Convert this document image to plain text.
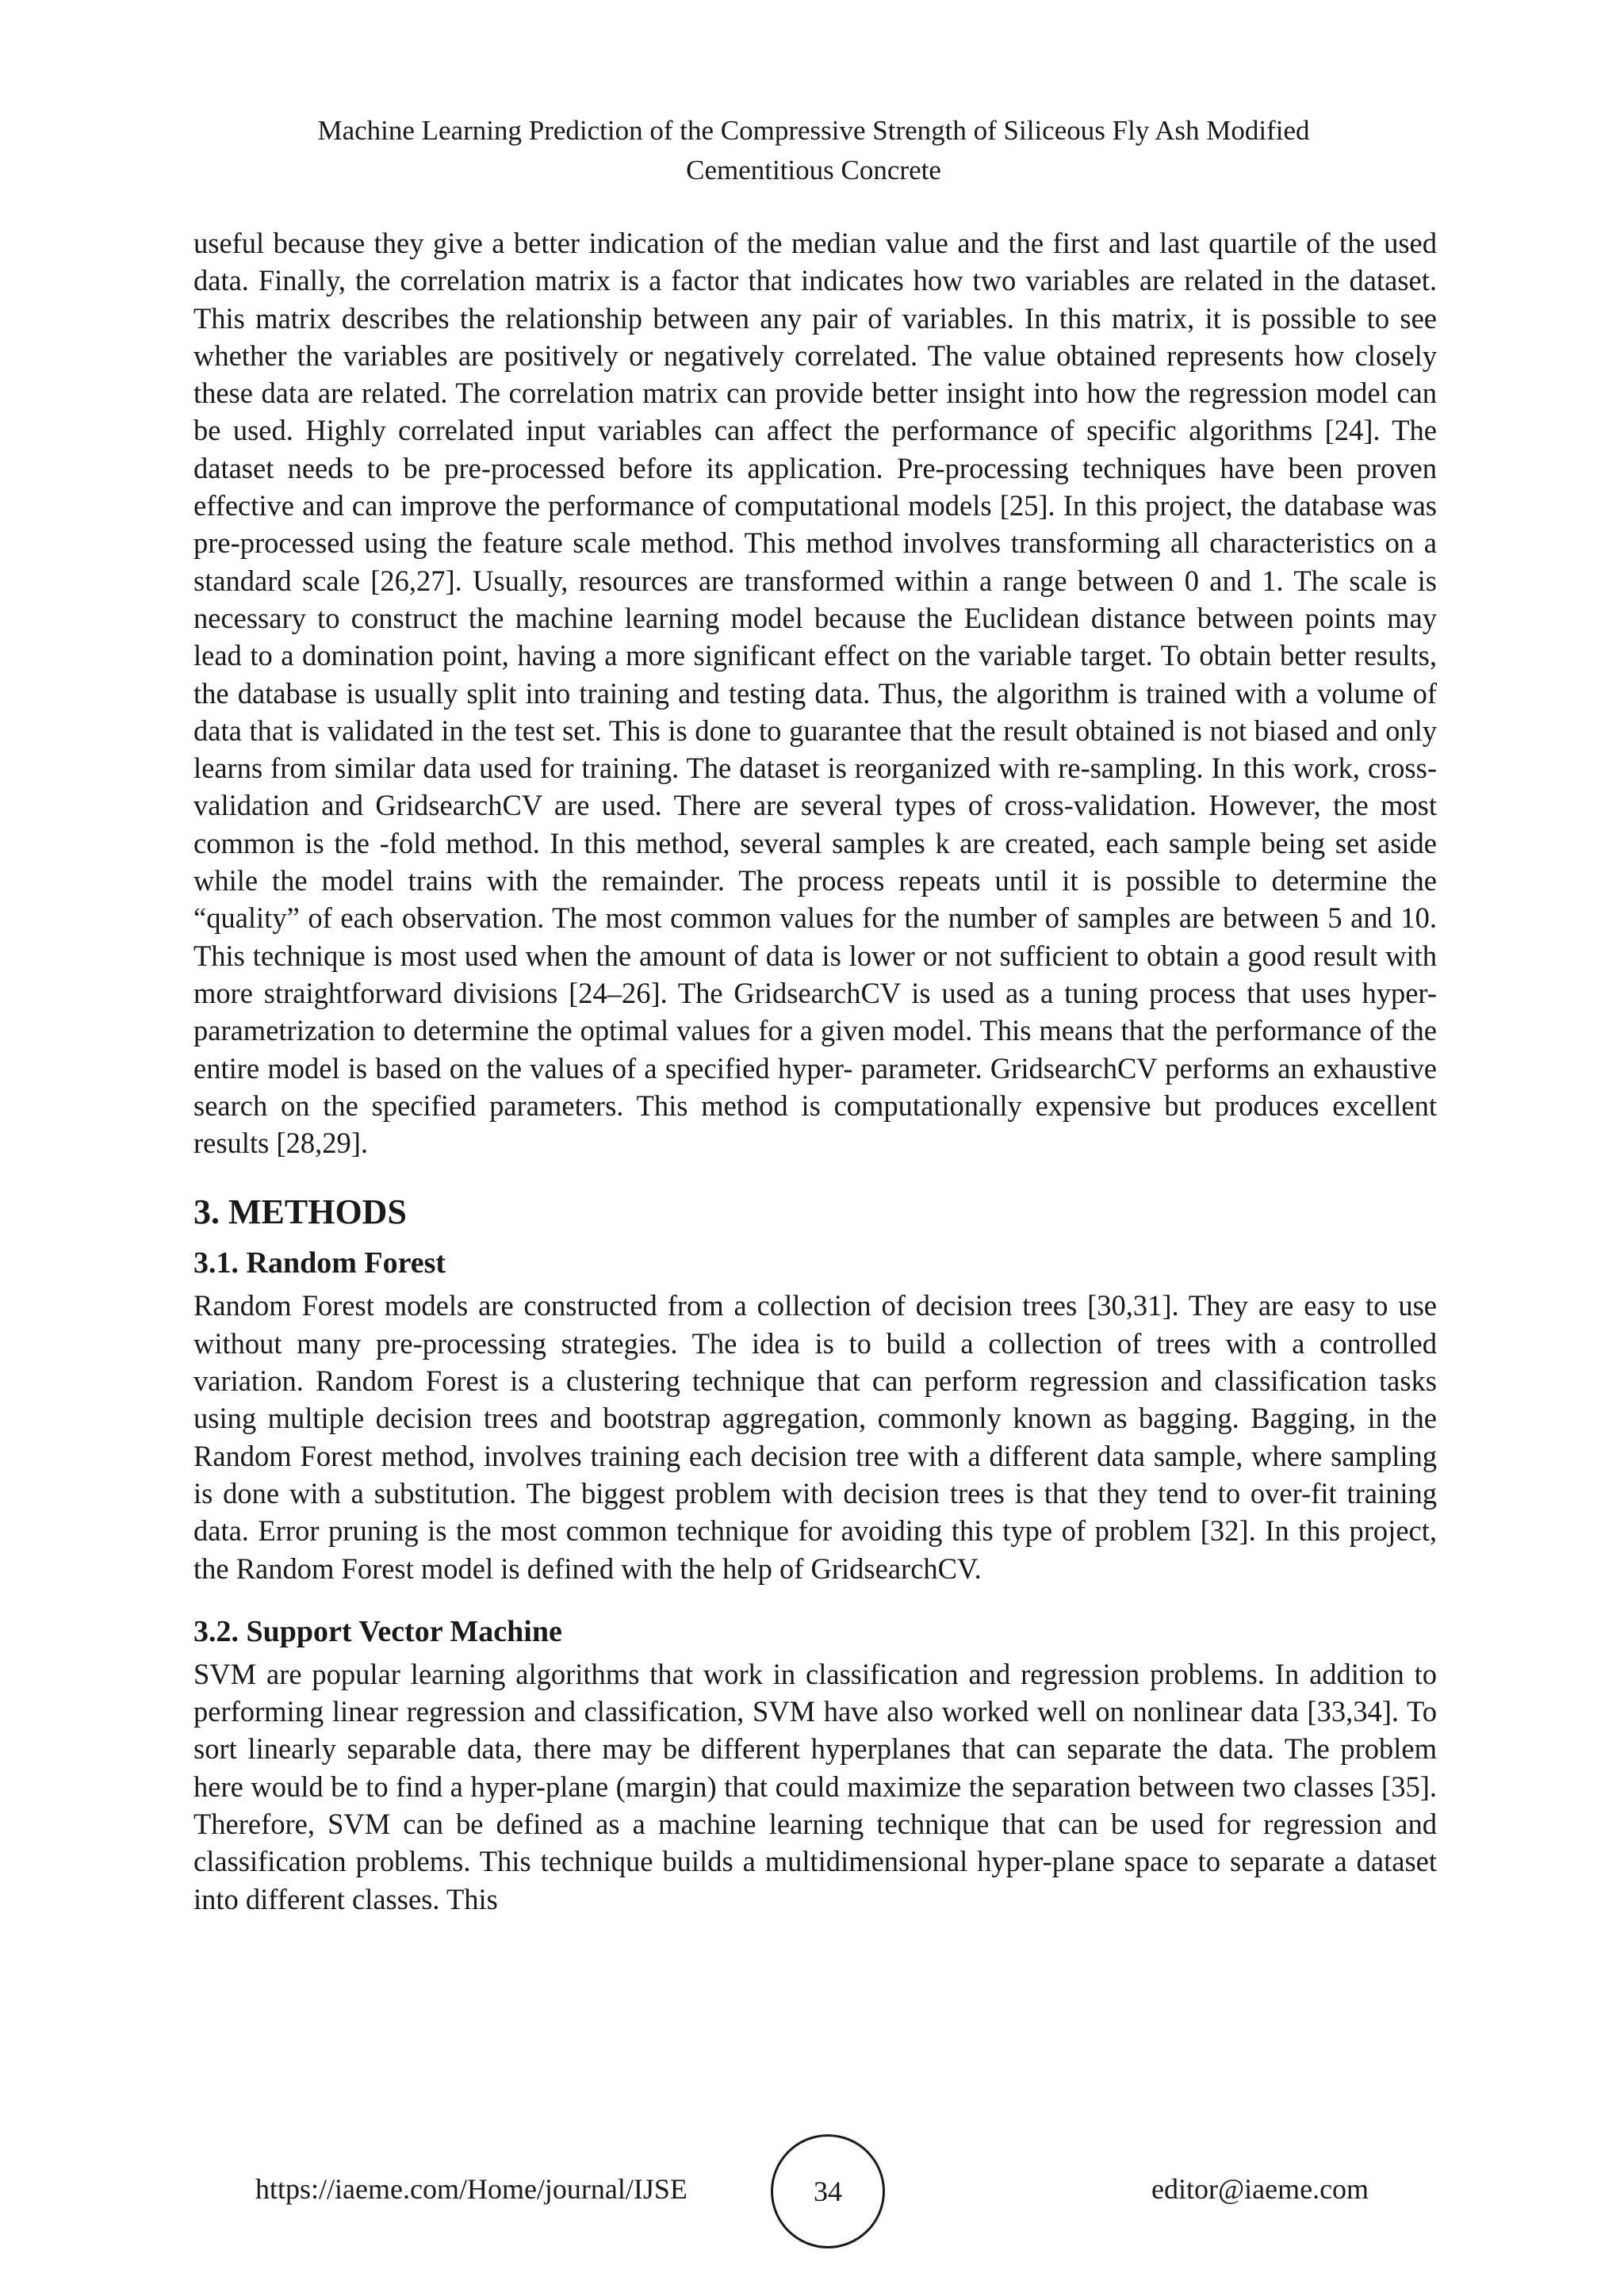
Machine Learning Prediction of the Compressive Strength of Siliceous Fly Ash Modified
Cementitious Concrete

useful because they give a better indication of the median value and the first and last quartile of the used data. Finally, the correlation matrix is a factor that indicates how two variables are related in the dataset. This matrix describes the relationship between any pair of variables. In this matrix, it is possible to see whether the variables are positively or negatively correlated. The value obtained represents how closely these data are related. The correlation matrix can provide better insight into how the regression model can be used. Highly correlated input variables can affect the performance of specific algorithms [24]. The dataset needs to be pre-processed before its application. Pre-processing techniques have been proven effective and can improve the performance of computational models [25]. In this project, the database was pre-processed using the feature scale method. This method involves transforming all characteristics on a standard scale [26,27]. Usually, resources are transformed within a range between 0 and 1. The scale is necessary to construct the machine learning model because the Euclidean distance between points may lead to a domination point, having a more significant effect on the variable target. To obtain better results, the database is usually split into training and testing data. Thus, the algorithm is trained with a volume of data that is validated in the test set. This is done to guarantee that the result obtained is not biased and only learns from similar data used for training. The dataset is reorganized with re-sampling. In this work, cross- validation and GridsearchCV are used. There are several types of cross-validation. However, the most common is the -fold method. In this method, several samples k are created, each sample being set aside while the model trains with the remainder. The process repeats until it is possible to determine the “quality” of each observation. The most common values for the number of samples are between 5 and 10. This technique is most used when the amount of data is lower or not sufficient to obtain a good result with more straightforward divisions [24–26]. The GridsearchCV is used as a tuning process that uses hyper-parametrization to determine the optimal values for a given model. This means that the performance of the entire model is based on the values of a specified hyper- parameter. GridsearchCV performs an exhaustive search on the specified parameters. This method is computationally expensive but produces excellent results [28,29].

3. METHODS
3.1. Random Forest

Random Forest models are constructed from a collection of decision trees [30,31]. They are easy to use without many pre-processing strategies. The idea is to build a collection of trees with a controlled variation. Random Forest is a clustering technique that can perform regression and classification tasks using multiple decision trees and bootstrap aggregation, commonly known as bagging. Bagging, in the Random Forest method, involves training each decision tree with a different data sample, where sampling is done with a substitution. The biggest problem with decision trees is that they tend to over-fit training data. Error pruning is the most common technique for avoiding this type of problem [32]. In this project, the Random Forest model is defined with the help of GridsearchCV.

3.2. Support Vector Machine

SVM are popular learning algorithms that work in classification and regression problems. In addition to performing linear regression and classification, SVM have also worked well on nonlinear data [33,34]. To sort linearly separable data, there may be different hyperplanes that can separate the data. The problem here would be to find a hyper-plane (margin) that could maximize the separation between two classes [35]. Therefore, SVM can be defined as a machine learning technique that can be used for regression and classification problems. This technique builds a multidimensional hyper-plane space to separate a dataset into different classes. This

https://iaeme.com/Home/journal/IJSE	34	editor@iaeme.com
